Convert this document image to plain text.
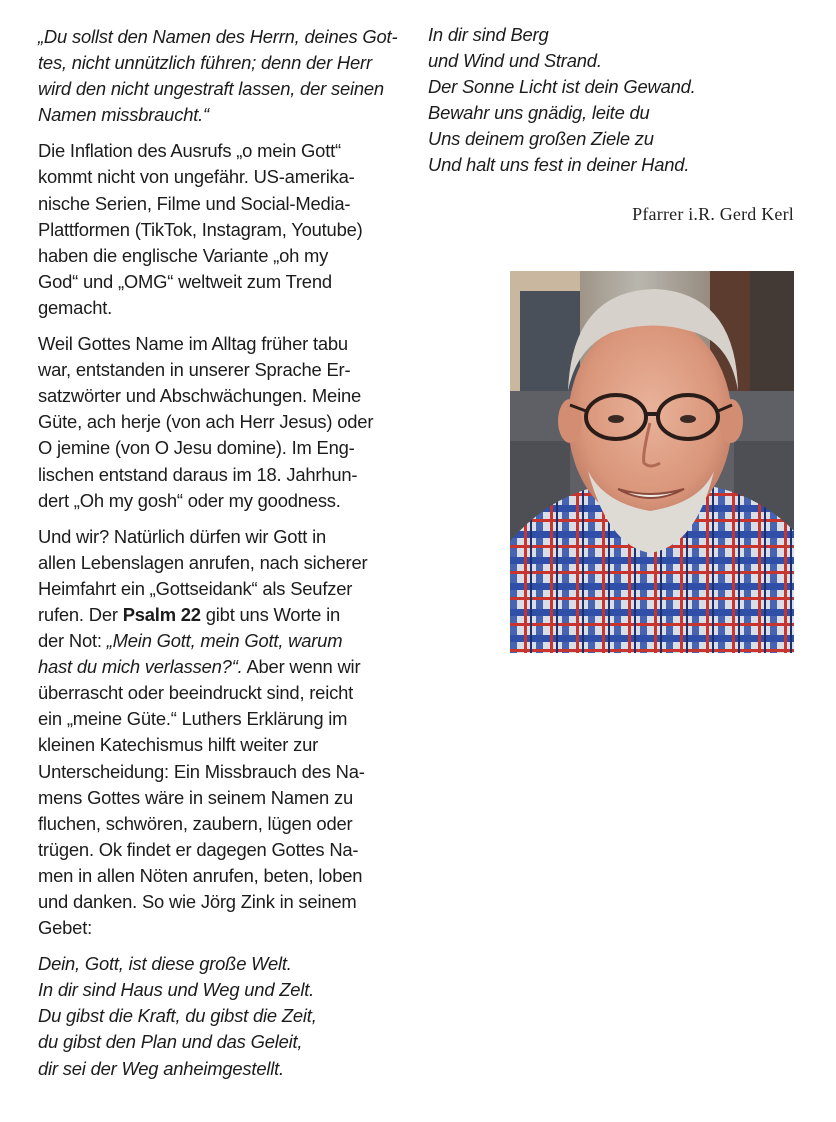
„Du sollst den Namen des Herrn, deines Got-
tes, nicht unnützlich führen; denn der Herr
wird den nicht ungestraft lassen, der seinen
Namen missbraucht.“
Die Inflation des Ausrufs „o mein Gott“
kommt nicht von ungefähr. US-amerika-
nische Serien, Filme und Social-Media-
Plattformen (TikTok, Instagram, Youtube)
haben die englische Variante „oh my
God“ und „OMG“ weltweit zum Trend
gemacht.
Weil Gottes Name im Alltag früher tabu
war, entstanden in unserer Sprache Er-
satzwörter und Abschwächungen. Meine
Güte, ach herje (von ach Herr Jesus) oder
O jemine (von O Jesu domine). Im Eng-
lischen entstand daraus im 18. Jahrhun-
dert „Oh my gosh“ oder my goodness.
Und wir? Natürlich dürfen wir Gott in
allen Lebenslagen anrufen, nach sicherer
Heimfahrt ein „Gottseidank“ als Seufzer
rufen. Der Psalm 22 gibt uns Worte in
der Not: „Mein Gott, mein Gott, warum
hast du mich verlassen?“. Aber wenn wir
überrascht oder beeindruckt sind, reicht
ein „meine Güte.“ Luthers Erklärung im
kleinen Katechismus hilft weiter zur
Unterscheidung: Ein Missbrauch des Na-
mens Gottes wäre in seinem Namen zu
fluchen, schwören, zaubern, lügen oder
trügen. Ok findet er dagegen Gottes Na-
men in allen Nöten anrufen, beten, loben
und danken. So wie Jörg Zink in seinem
Gebet:
Dein, Gott, ist diese große Welt.
In dir sind Haus und Weg und Zelt.
Du gibst die Kraft, du gibst die Zeit,
du gibst den Plan und das Geleit,
dir sei der Weg anheimgestellt.
In dir sind Berg
und Wind und Strand.
Der Sonne Licht ist dein Gewand.
Bewahr uns gnädig, leite du
Uns deinem großen Ziele zu
Und halt uns fest in deiner Hand.
Pfarrer i.R. Gerd Kerl
